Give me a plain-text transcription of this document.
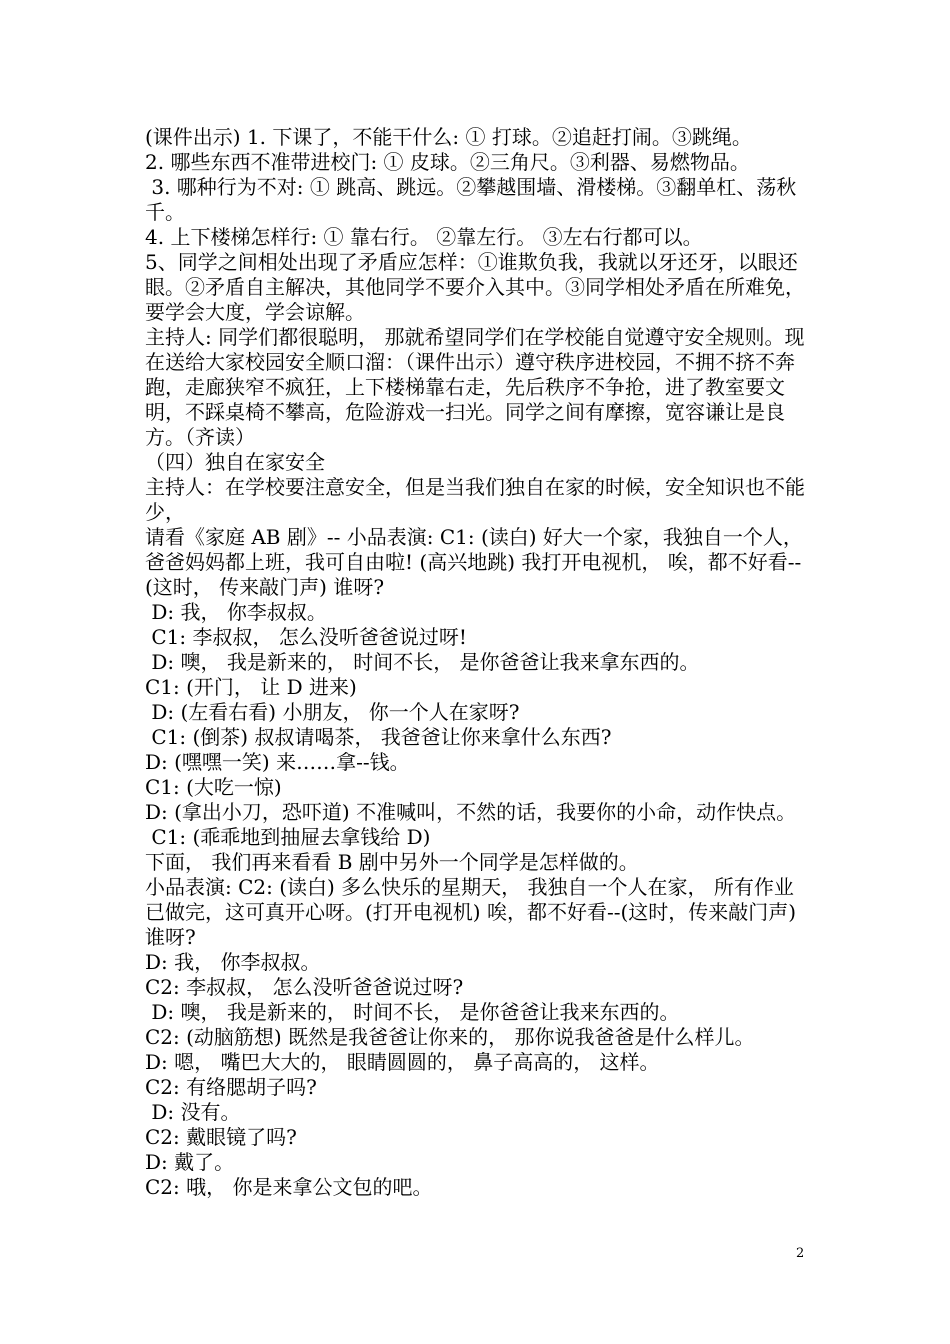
(课件出示) 1. 下课了，不能干什么: ① 打球。②追赶打闹。③跳绳。

2. 哪些东西不准带进校门: ① 皮球。②三角尺。③利器、易燃物品。

3. 哪种行为不对: ① 跳高、跳远。②攀越围墙、滑楼梯。③翻单杠、荡秋千。

4. 上下楼梯怎样行: ① 靠右行。 ②靠左行。 ③左右行都可以。

5、同学之间相处出现了矛盾应怎样：①谁欺负我，我就以牙还牙，以眼还眼。②矛盾自主解决，其他同学不要介入其中。③同学相处矛盾在所难免，要学会大度，学会谅解。

主持人: 同学们都很聪明， 那就希望同学们在学校能自觉遵守安全规则。现在送给大家校园安全顺口溜：（课件出示）遵守秩序进校园，不拥不挤不奔跑，走廊狭窄不疯狂，上下楼梯靠右走，先后秩序不争抢，进了教室要文明，不踩桌椅不攀高，危险游戏一扫光。同学之间有摩擦，宽容谦让是良方。（齐读）

（四）独自在家安全

主持人：在学校要注意安全，但是当我们独自在家的时候，安全知识也不能少，

请看《家庭 AB 剧》-- 小品表演: C1: (读白) 好大一个家，我独自一个人， 爸爸妈妈都上班，我可自由啦! (高兴地跳) 我打开电视机， 唉，都不好看--(这时， 传来敲门声) 谁呀?

D: 我， 你李叔叔。

C1: 李叔叔， 怎么没听爸爸说过呀!

D: 噢， 我是新来的， 时间不长， 是你爸爸让我来拿东西的。

C1: (开门， 让 D 进来)

D: (左看右看) 小朋友， 你一个人在家呀?

C1: (倒茶) 叔叔请喝茶， 我爸爸让你来拿什么东西?

D: (嘿嘿一笑) 来……拿--钱。

C1: (大吃一惊)

D: (拿出小刀，恐吓道) 不准喊叫，不然的话，我要你的小命，动作快点。

C1: (乖乖地到抽屉去拿钱给 D)

下面， 我们再来看看 B 剧中另外一个同学是怎样做的。

小品表演: C2: (读白) 多么快乐的星期天， 我独自一个人在家， 所有作业已做完，这可真开心呀。(打开电视机) 唉，都不好看--(这时，传来敲门声) 谁呀?

D: 我， 你李叔叔。

C2: 李叔叔， 怎么没听爸爸说过呀?

D: 噢， 我是新来的， 时间不长， 是你爸爸让我来东西的。

C2: (动脑筋想) 既然是我爸爸让你来的， 那你说我爸爸是什么样儿。

D: 嗯， 嘴巴大大的， 眼睛圆圆的， 鼻子高高的， 这样。

C2: 有络腮胡子吗?

D: 没有。

C2: 戴眼镜了吗?

D: 戴了。

C2: 哦， 你是来拿公文包的吧。

2
